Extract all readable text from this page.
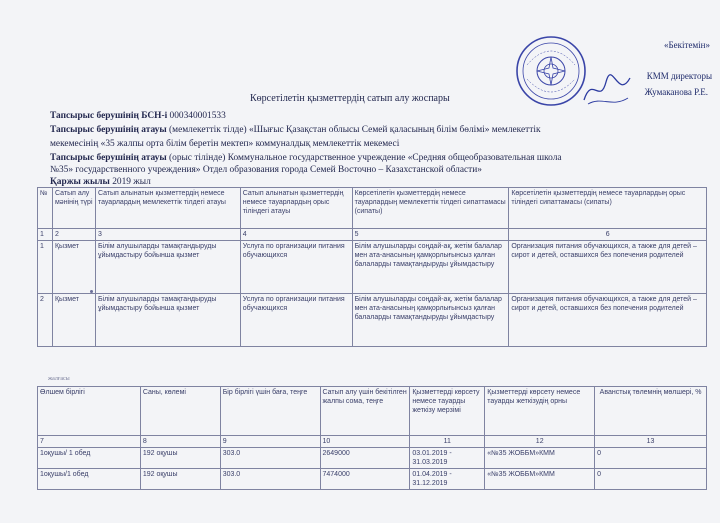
«Бекітемін»
КММ директоры
Жумаканова Р.Е.
Көрсетілетін қызметтердің сатып алу жоспары
Тапсырыс берушінің БСН-і 000340001533
Тапсырыс берушінің атауы (мемлекеттік тілде) «Шығыс Қазақстан облысы Семей қаласының білім бөлімі» мемлекеттік
мекемесінің «35 жалпы орта білім беретін мектеп» коммуналдық мемлекеттік мекемесі
Тапсырыс берушінің атауы (орыс тілінде) Коммунальное государственное учреждение «Средняя общеобразовательная школа
№35» государственного учреждения» Отдел образования города Семей Восточно – Казахстанской области»
Қаржы жылы 2019 жыл
№	Сатып алу мәнінің түрі	Сатып алынатын қызметтердің немесе тауарлардың мемлекеттік тілдегі атауы	Сатып алынатын қызметтердің немесе тауарлардың орыс тіліндегі атауы	Көрсетілетін қызметтердің немесе тауарлардың мемлекеттік тілдегі сипаттамасы (сипаты)	Көрсетілетін қызметтердің немесе тауарлардың орыс тіліндегі сипаттамасы (сипаты)
1	2	3	4	5	6
1	Қызмет	Білім алушыларды тамақтандыруды ұйымдастыру бойынша қызмет	Услуга по организации питания обучающихся	Білім алушыларды соңдай-ақ, жетім балалар мен ата-анасының қамқорлығынсыз қалған балаларды тамақтандыруды ұйымдастыру	Организация питания обучающихся, а также для детей – сирот и детей, оставшихся без попечения родителей
2	Қызмет	Білім алушыларды тамақтандыруды ұйымдастыру бойынша қызмет	Услуга по организации питания обучающихся	Білім алушыларды соңдай-ақ, жетім балалар мен ата-анасының қамқорлығынсыз қалған балаларды тамақтандыруды ұйымдастыру	Организация питания обучающихся, а также для детей – сирот и детей, оставшихся без попечения родителей
жалғасы
Өлшем бірлігі	Саны, көлемі	Бір бірлігі үшін баға, теңге	Сатып алу үшін бекітілген жалпы сома, теңге	Қызметтерді көрсету немесе тауарды жеткізу мерзімі	Қызметтерді көрсету немесе тауарды жеткізудің орны	Аванстық төлемнің мөлшері, %
7	8	9	10	11	12	13
1оқушы/ 1 обед	192 оқушы	303.0	2649000	03.01.2019 - 31.03.2019	«№35 ЖОББМ»КММ	0
1оқушы/1 обед	192 оқушы	303.0	7474000	01.04.2019 - 31.12.2019	«№35 ЖОББМ»КММ	0
